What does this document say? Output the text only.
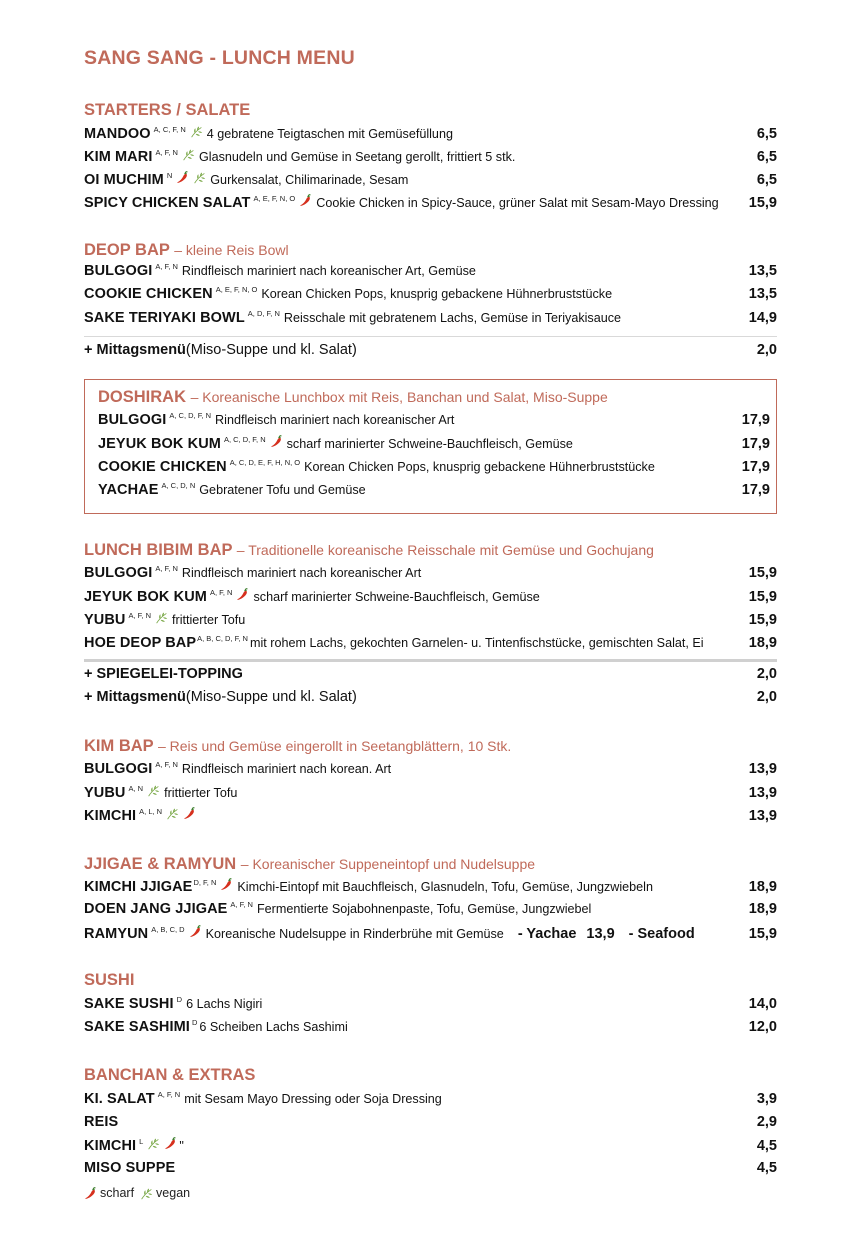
SANG SANG - LUNCH MENU
STARTERS / SALATE
MANDOO A, C, F, N 4 gebratene Teigtaschen mit Gemüsefüllung	6,5
KIM MARI A, F, N Glasnudeln und Gemüse in Seetang gerollt, frittiert 5 stk.	6,5
OI MUCHIM N	Gurkensalat, Chilimarinade, Sesam	6,5
SPICY CHICKEN SALAT A, E, F, N, O Cookie Chicken in Spicy-Sauce, grüner Salat mit Sesam-Mayo Dressing 15,9
DEOP BAP – kleine Reis Bowl
BULGOGI A, F, N Rindfleisch mariniert nach koreanischer Art, Gemüse	13,5
COOKIE CHICKEN A, E, F, N, O Korean Chicken Pops, knusprig gebackene Hühnerbruststücke	13,5
SAKE TERIYAKI BOWL A, D, F, N Reisschale mit gebratenem Lachs, Gemüse in Teriyakisauce	14,9
+ Mittagsmenü (Miso-Suppe und kl. Salat)	2,0
DOSHIRAK – Koreanische Lunchbox mit Reis, Banchan und Salat, Miso-Suppe
BULGOGI A, C, D, F, N Rindfleisch mariniert nach koreanischer Art	17,9
JEYUK BOK KUM A, C, D, F, N scharf marinierter Schweine-Bauchfleisch, Gemüse	17,9
COOKIE CHICKEN A, C, D, E, F, H, N, O Korean Chicken Pops, knusprig gebackene Hühnerbruststücke	17,9
YACHAE A, C, D, N Gebratener Tofu und Gemüse	17,9
LUNCH BIBIM BAP – Traditionelle koreanische Reisschale mit Gemüse und Gochujang
BULGOGI A, F, N Rindfleisch mariniert nach koreanischer Art	15,9
JEYUK BOK KUM A, F, N scharf marinierter Schweine-Bauchfleisch, Gemüse	15,9
YUBU A, F, N frittierter Tofu	15,9
HOE DEOP BAP A, B, C, D, F, N mit rohem Lachs, gekochten Garnelen- u. Tintenfischstücke, gemischten Salat, Ei	18,9
+ SPIEGELEI-TOPPING	2,0
+ Mittagsmenü (Miso-Suppe und kl. Salat)	2,0
KIM BAP – Reis und Gemüse eingerollt in Seetangblättern, 10 Stk.
BULGOGI A, F, N Rindfleisch mariniert nach korean. Art	13,9
YUBU A, N frittierter Tofu	13,9
KIMCHI A, L, N	13,9
JJIGAE & RAMYUN – Koreanischer Suppeneintopf und Nudelsuppe
KIMCHI JJIGAE D, F, N Kimchi-Eintopf mit Bauchfleisch, Glasnudeln, Tofu, Gemüse, Jungzwiebeln	18,9
DOEN JANG JJIGAE A, F, N Fermentierte Sojabohnenpaste, Tofu, Gemüse, Jungzwiebel	18,9
RAMYUN A, B, C, D Koreanische Nudelsuppe in Rinderbrühe mit Gemüse - Yachae 13,9 - Seafood	15,9
SUSHI
SAKE SUSHI D 6 Lachs Nigiri	14,0
SAKE SASHIMI D 6 Scheiben Lachs Sashimi	12,0
BANCHAN & EXTRAS
KI. SALAT A, F, N mit Sesam Mayo Dressing oder Soja Dressing	3,9
REIS	2,9
KIMCHI L	"	4,5
MISO SUPPE	4,5
scharf vegan
